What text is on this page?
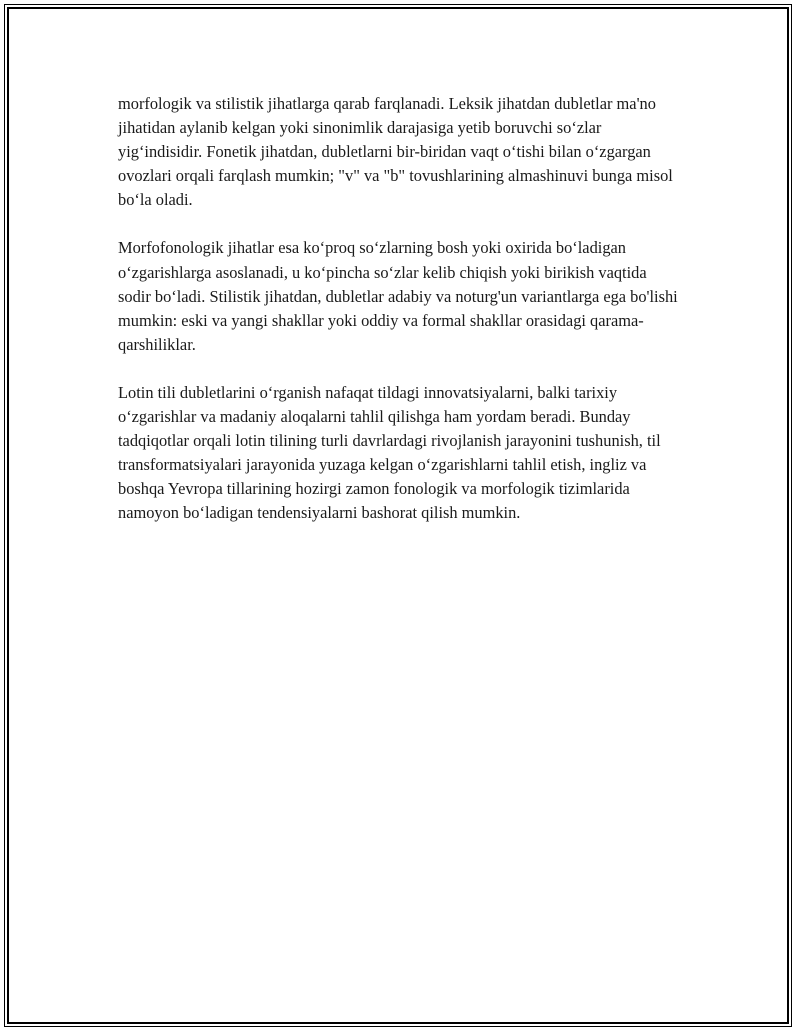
morfologik va stilistik jihatlarga qarab farqlanadi. Leksik jihatdan dubletlar ma'no jihatidan aylanib kelgan yoki sinonimlik darajasiga yetib boruvchi so‘zlar yig‘indisidir. Fonetik jihatdan, dubletlarni bir-biridan vaqt o‘tishi bilan o‘zgargan ovozlari orqali farqlash mumkin; "v" va "b" tovushlarining almashinuvi bunga misol bo‘la oladi.

Morfofonologik jihatlar esa ko‘proq so‘zlarning bosh yoki oxirida bo‘ladigan o‘zgarishlarga asoslanadi, u ko‘pincha so‘zlar kelib chiqish yoki birikish vaqtida sodir bo‘ladi. Stilistik jihatdan, dubletlar adabiy va noturg'un variantlarga ega bo'lishi mumkin: eski va yangi shakllar yoki oddiy va formal shakllar orasidagi qarama-qarshiliklar.

Lotin tili dubletlarini o‘rganish nafaqat tildagi innovatsiyalarni, balki tarixiy o‘zgarishlar va madaniy aloqalarni tahlil qilishga ham yordam beradi. Bunday tadqiqotlar orqali lotin tilining turli davrlardagi rivojlanish jarayonini tushunish, til transformatsiyalari jarayonida yuzaga kelgan o‘zgarishlarni tahlil etish, ingliz va boshqa Yevropa tillarining hozirgi zamon fonologik va morfologik tizimlarida namoyon bo‘ladigan tendensiyalarni bashorat qilish mumkin.
